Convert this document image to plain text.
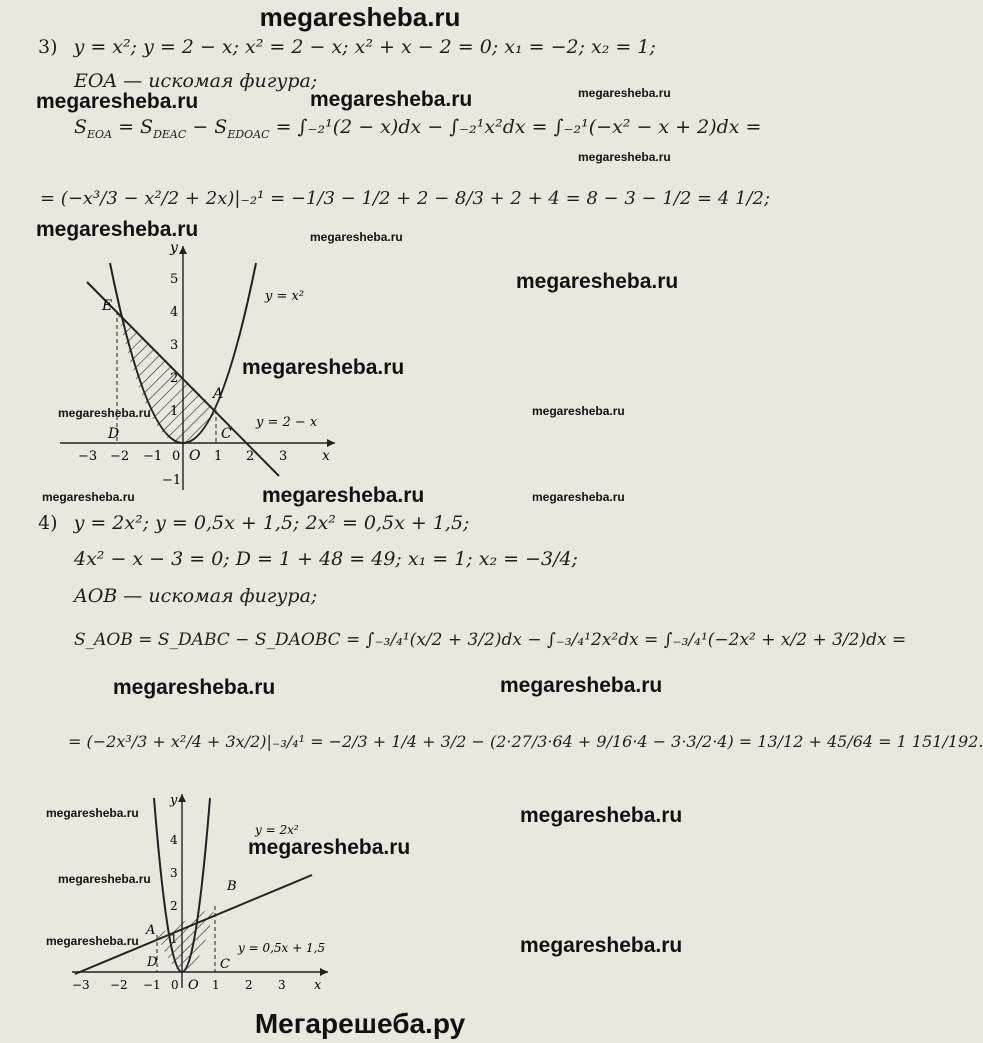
megaresheba.ru
3) y = x²; y = 2 − x; x² = 2 − x; x² + x − 2 = 0; x₁ = −2; x₂ = 1;
EOA — искомая фигура;
$S_{EOA} = S_{DEAC} - S_{EDOAC} = \int_{-2}^1(2 - x)dx - \int_{-2}^1x^2dx = \int_{-2}^1(-x^2 - x + 2)dx$ =
= (−x³/3 − x²/2 + 2x)|₋₂¹ = −1/3 − 1/2 + 2 − 8/3 + 2 + 4 = 8 − 3 − 1/2 = 4 1/2;
x
y
−3 −2 −1 0	1 2 3
5
4
3
2
1
−1
E
A
D	C
O
y = x²
y = 2 − x
4) y = 2x²; y = 0,5x + 1,5; 2x² = 0,5x + 1,5;
4x² − x − 3 = 0; D = 1 + 48 = 49; x₁ = 1; x₂ = −3/4;
AOB — искомая фигура;
S_AOB = S_DABC − S_DAOBC = ∫₋₃/₄¹(x/2 + 3/2)dx − ∫₋₃/₄¹2x²dx = ∫₋₃/₄¹(−2x² + x/2 + 3/2)dx =
= (−2x³/3 + x²/4 + 3x/2)|₋₃/₄¹ = −2/3 + 1/4 + 3/2 − (2·27/3·64 + 9/16·4 − 3·3/2·4) = 13/12 + 45/64 = 1 151/192.
x
y
−3 −2 −1 0	1 2 3
4
3
2
1
A
B
D	C
O
y = 2x²
y = 0,5x + 1,5
megaresheba.ru	megaresheba.ru	megaresheba.ru
megaresheba.ru
megaresheba.ru	megaresheba.ru
megaresheba.ru
megaresheba.ru
megaresheba.ru	megaresheba.ru
megaresheba.ru	megaresheba.ru	megaresheba.ru
megaresheba.ru	megaresheba.ru
megaresheba.ru	megaresheba.ru
megaresheba.ru
megaresheba.ru
megaresheba.ru	megaresheba.ru
Мегарешеба.ру
